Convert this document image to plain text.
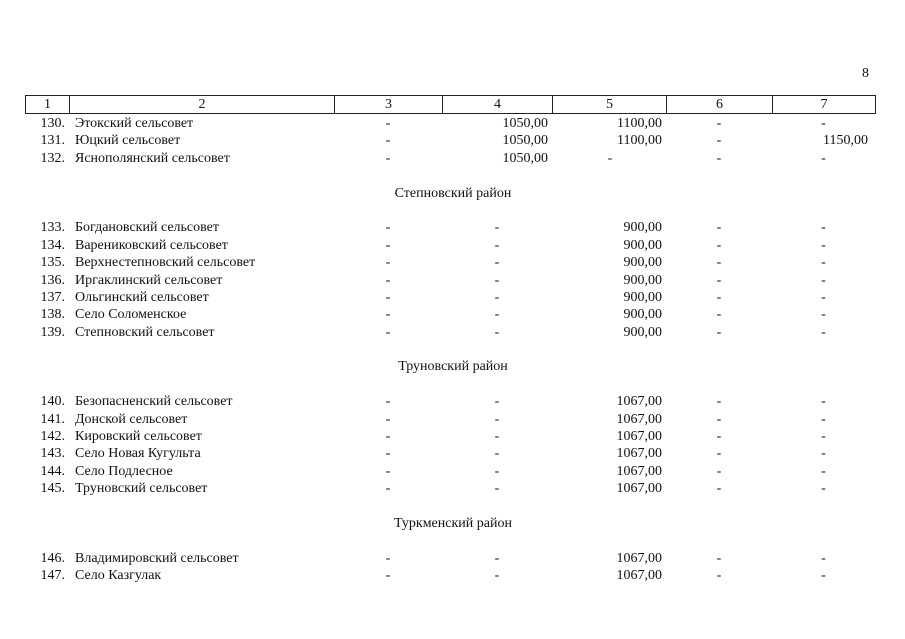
8
1	2	3	4	5	6	7
130. Этокский сельсовет	-	1050,00	1100,00	-	-
131. Юцкий сельсовет	-	1050,00	1100,00	-	1150,00
132. Яснополянский сельсовет	-	1050,00	-	-	-
Степновский район
133. Богдановский сельсовет	-	-	900,00	-	-
134. Варениковский сельсовет	-	-	900,00	-	-
135. Верхнестепновский сельсовет	-	-	900,00	-	-
136. Иргаклинский сельсовет	-	-	900,00	-	-
137. Ольгинский сельсовет	-	-	900,00	-	-
138. Село Соломенское	-	-	900,00	-	-
139. Степновский сельсовет	-	-	900,00	-	-
Труновский район
140. Безопасненский сельсовет	-	-	1067,00	-	-
141. Донской сельсовет	-	-	1067,00	-	-
142. Кировский сельсовет	-	-	1067,00	-	-
143. Село Новая Кугульта	-	-	1067,00	-	-
144. Село Подлесное	-	-	1067,00	-	-
145. Труновский сельсовет	-	-	1067,00	-	-
Туркменский район
146. Владимировский сельсовет	-	-	1067,00	-	-
147. Село Казгулак	-	-	1067,00	-	-
